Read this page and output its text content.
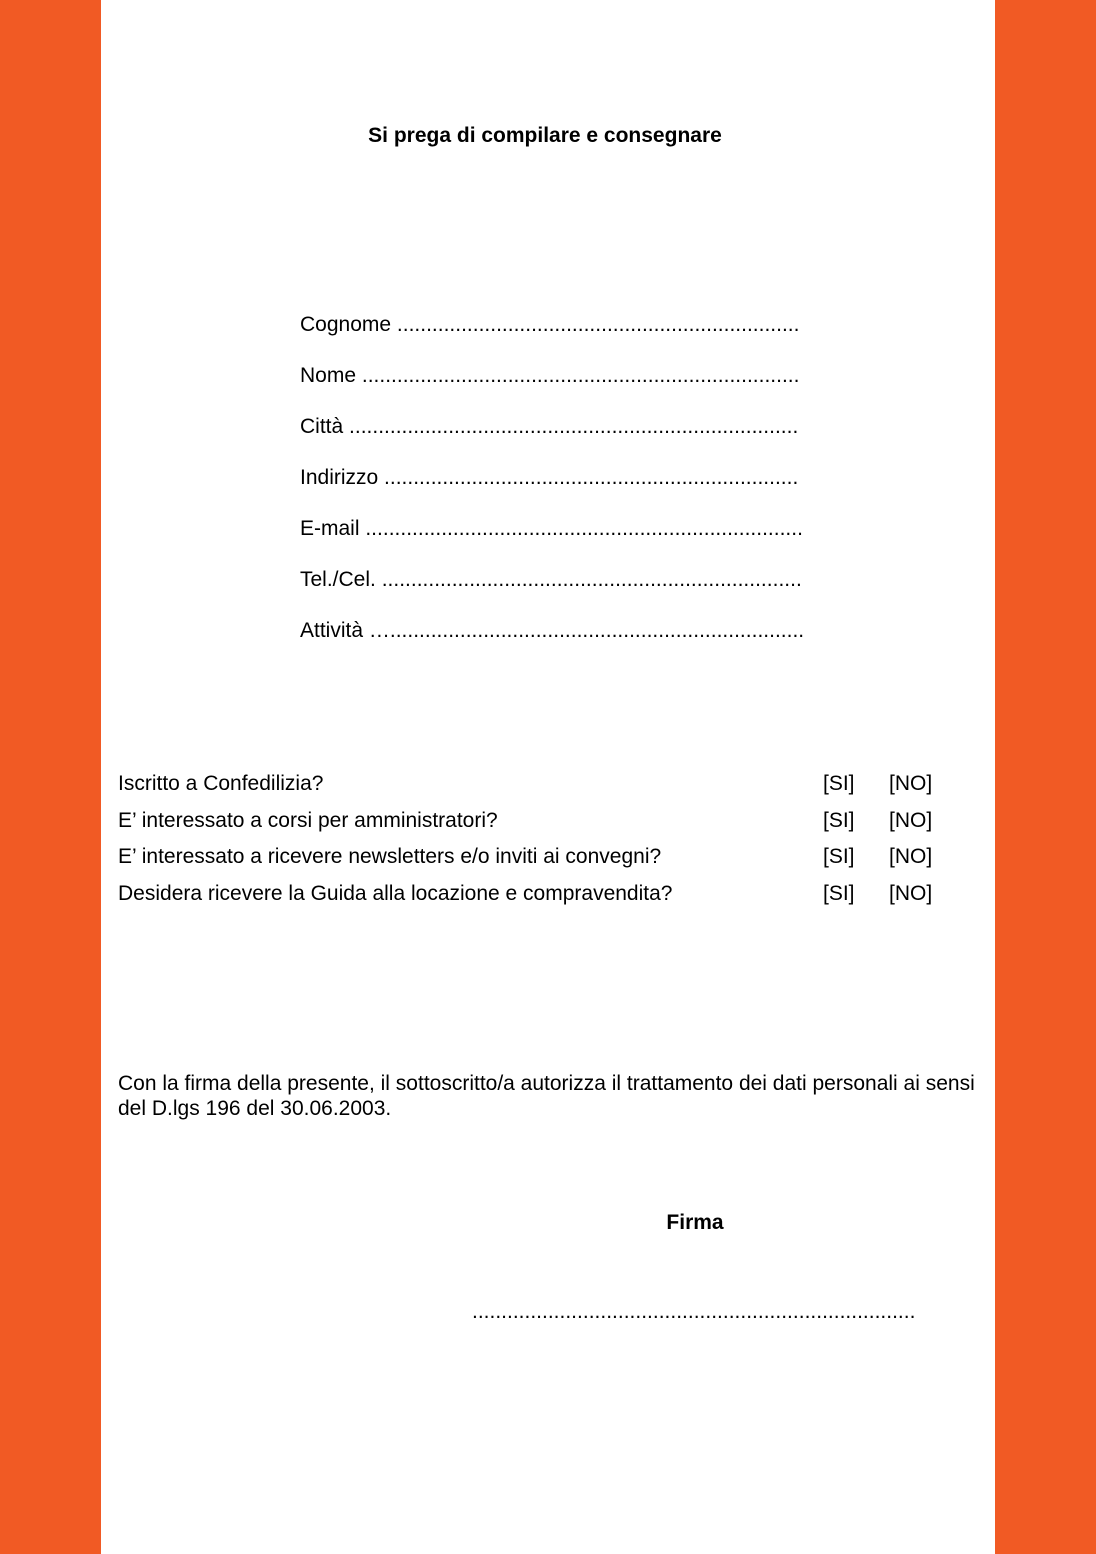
Si prega di compilare e consegnare
Cognome .....................................................................
Nome ...........................................................................
Città .............................................................................
Indirizzo .......................................................................
E-mail ...........................................................................
Tel./Cel. ........................................................................
Attività ….......................................................................
Iscritto a Confedilizia?	[SI] [NO]
E’ interessato a corsi per amministratori?	[SI] [NO]
E’ interessato a ricevere newsletters e/o inviti ai convegni?	[SI] [NO]
Desidera ricevere la Guida alla locazione e compravendita?	[SI] [NO]
Con la firma della presente, il sottoscritto/a autorizza il trattamento dei dati personali ai sensi del D.lgs 196 del 30.06.2003.
Firma
............................................................................
